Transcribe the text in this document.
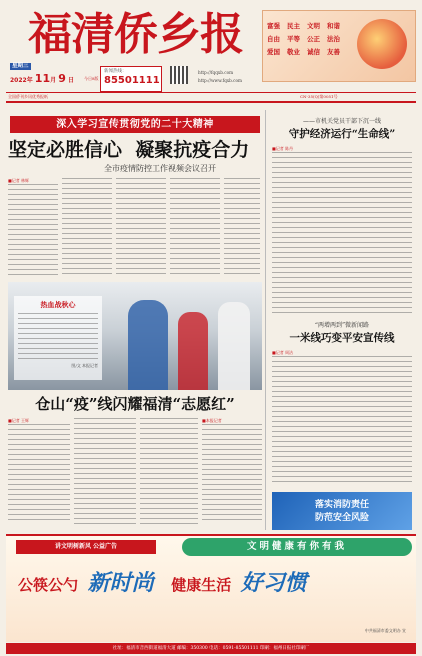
福清侨乡报
星期三
2022年 11月 9 日	今日8版
新闻热线：
85501111
http://fqqxb.com
http://www.fqxb.com
富强	民主	文明	和谐
自由	平等	公正	法治
爱国	敬业	诚信	友善
全国侨刊乡讯优秀报纸	CN-35(Q)第0051号
深入学习宣传贯彻党的二十大精神
坚定必胜信心  凝聚抗疫合力
全市疫情防控工作视频会议召开
■记者 林辉
——市机关党员干部下沉一线
守护经济运行“生命线”
■记者 陈丹
“两增两到”微新闻路
一米线巧变平安宣传线
■记者 周洁
热血战秋心
图/文 本报记者
仓山“疫”线闪耀福清“志愿红”
■记者 王辉	■本报记者
落实消防责任
防范安全风险
讲文明树新风 公益广告	文明健康有你有我
公筷公勺 新时尚 健康生活 好习惯
中共福清市委文明办 宣
社址：福清市音西街道福清大道 邮编：350300 电话：0591-85501111 印刷：福州日报社印刷厂
